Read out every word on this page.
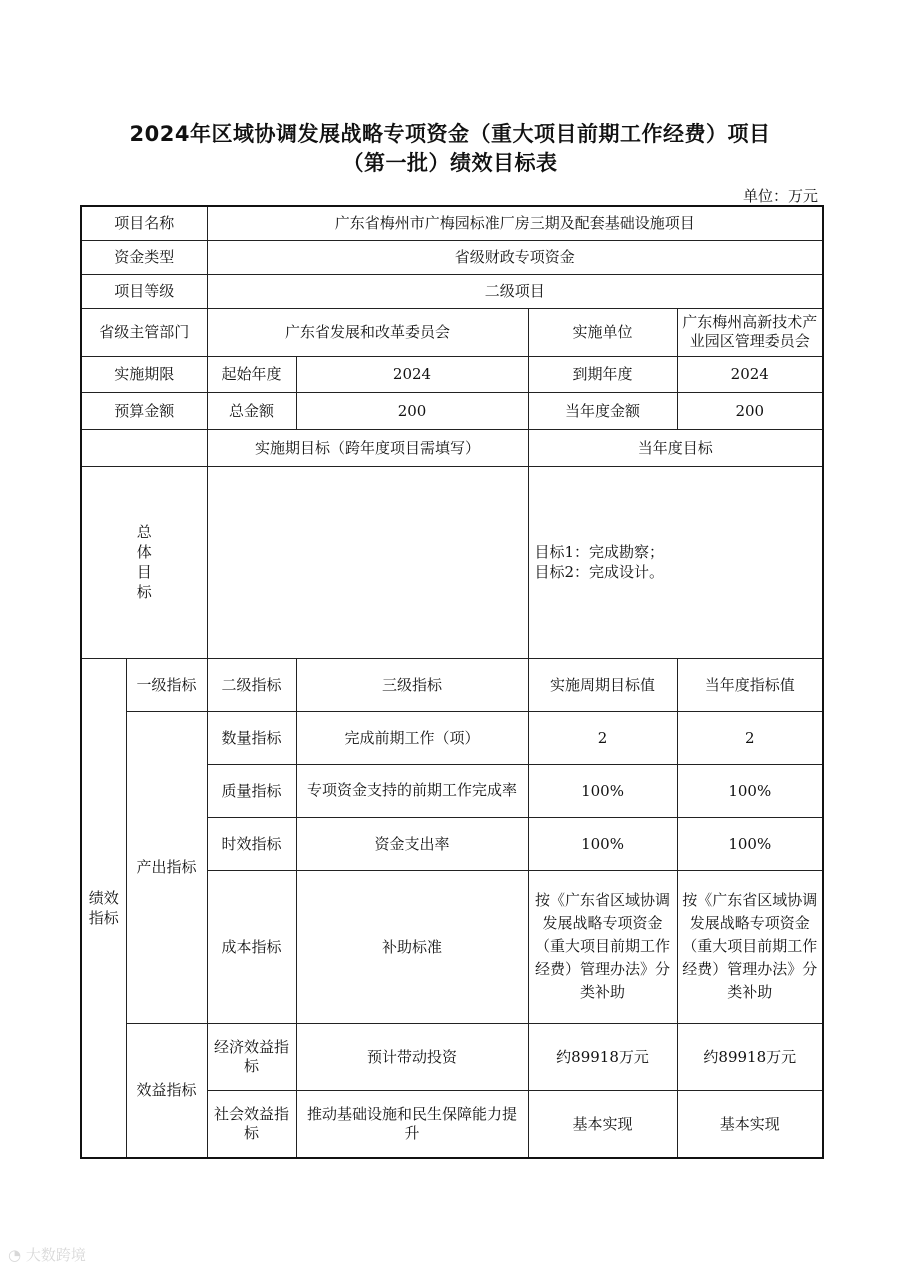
2024年区域协调发展战略专项资金（重大项目前期工作经费）项目
（第一批）绩效目标表
单位：万元
项目名称		广东省梅州市广梅园标准厂房三期及配套基础设施项目			
资金类型		省级财政专项资金			
项目等级		二级项目			
省级主管部门		广东省发展和改革委员会		实施单位	广东梅州高新技术产业园区管理委员会
实施期限		起始年度	2024	到期年度	2024
预算金额		总金额	200	当年度金额	200
		实施期目标（跨年度项目需填写）		当年度目标	
总
体
目
标				目标1：完成勘察；
目标2：完成设计。	
绩效指标	一级指标	二级指标	三级指标	实施周期目标值	当年度指标值
	产出指标	数量指标	完成前期工作（项）	2	2
		质量指标	专项资金支持的前期工作完成率	100%	100%
		时效指标	资金支出率	100%	100%
		成本指标	补助标准	按《广东省区域协调发展战略专项资金（重大项目前期工作经费）管理办法》分类补助	按《广东省区域协调发展战略专项资金（重大项目前期工作经费）管理办法》分类补助
	效益指标	经济效益指标	预计带动投资	约89918万元	约89918万元
		社会效益指标	推动基础设施和民生保障能力提升	基本实现	基本实现
◔ 大数跨境
